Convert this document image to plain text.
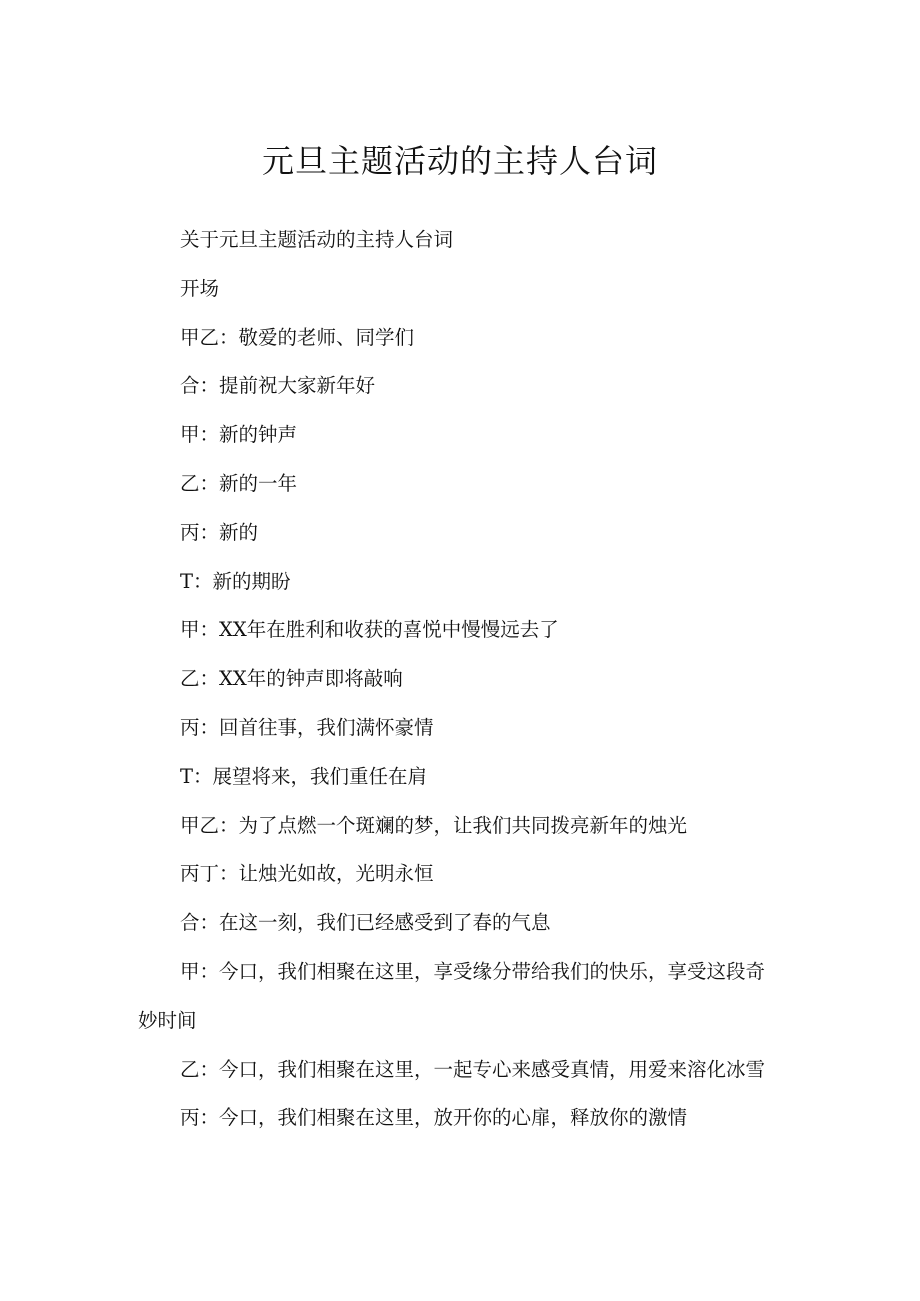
元旦主题活动的主持人台词

关于元旦主题活动的主持人台词

开场

甲乙：敬爱的老师、同学们

合：提前祝大家新年好

甲：新的钟声

乙：新的一年

丙：新的

T：新的期盼

甲：XX年在胜利和收获的喜悦中慢慢远去了

乙：XX年的钟声即将敲响

丙：回首往事，我们满怀豪情

T：展望将来，我们重任在肩

甲乙：为了点燃一个斑斓的梦，让我们共同拨亮新年的烛光

丙丁：让烛光如故，光明永恒

合：在这一刻，我们已经感受到了春的气息

甲：今口，我们相聚在这里，享受缘分带给我们的快乐，享受这段奇妙时间

乙：今口，我们相聚在这里，一起专心来感受真情，用爱来溶化冰雪

丙：今口，我们相聚在这里，放开你的心扉，释放你的激情
